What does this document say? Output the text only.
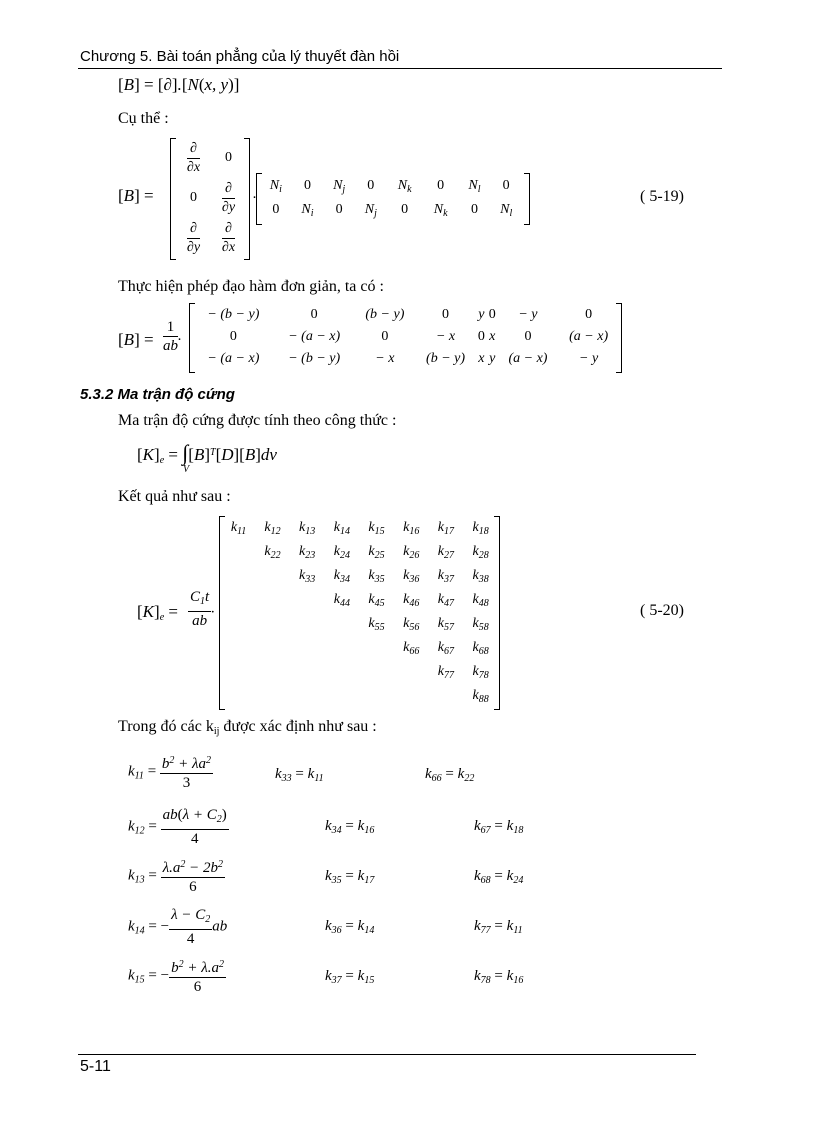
Chương 5. Bài toán phẳng của lý thuyết đàn hồi
[B] = [∂].[N(x, y)]
Cụ thể :
[B] =
$\frac{\partial}{\partial x}$	0
0	$\frac{\partial}{\partial y}$

$\frac{\partial}{\partial y}$	$\frac{\partial}{\partial x}$
.
$N_i$	0	$N_j$	0	$N_k$	0	$N_l$	0
0	$N_i$	0	$N_j$	0	$N_k$	0	$N_l$
( 5-19)
Thực hiện phép đạo hàm đơn giản, ta có :
$[B] = \frac{1}{ab}$ .
− (b − y)	0	(b − y)	0	y	0	− y	0
0	− (a − x)	0	− x	0	x	0	(a − x)
− (a − x)	− (b − y)	− x	(b − y)	x	y	(a − x)	− y
5.3.2 Ma trận độ cứng
Ma trận độ cứng được tính theo công thức :
$[K]_e = \int[B]^T[D][B]dv$
V
Kết quả như sau :
$[K]_e = \frac{C_1t}{ab}$ .
$k_{11}$	$k_{12}$	$k_{13}$	$k_{14}$	$k_{15}$	$k_{16}$	$k_{17}$	$k_{18}$
	$k_{22}$	$k_{23}$	$k_{24}$	$k_{25}$	$k_{26}$	$k_{27}$	$k_{28}$
		$k_{33}$	$k_{34}$	$k_{35}$	$k_{36}$	$k_{37}$	$k_{38}$
			$k_{44}$	$k_{45}$	$k_{46}$	$k_{47}$	$k_{48}$
				$k_{55}$	$k_{56}$	$k_{57}$	$k_{58}$
					$k_{66}$	$k_{67}$	$k_{68}$
						$k_{77}$	$k_{78}$
							$k_{88}$
( 5-20)
Trong đó các $k_{ij}$ được xác định như sau :
$k_{11} = \frac{b^2 + \lambda a^2}{3}$	$k_{33} = k_{11}$	$k_{66} = k_{22}$
$k_{12} = \frac{ab(\lambda + C_2)}{4}$	$k_{34} = k_{16}$	$k_{67} = k_{18}$
$k_{13} = \frac{\lambda.a^2 - 2b^2}{6}$	$k_{35} = k_{17}$	$k_{68} = k_{24}$
$k_{14}$ = − $\frac{\lambda - C_2}{4}$ ab	$k_{36} = k_{14}$	$k_{77} = k_{11}$
$k_{15}$ = − $\frac{b^2 + \lambda.a^2}{6}$	$k_{37} = k_{15}$	$k_{78} = k_{16}$
5-11
